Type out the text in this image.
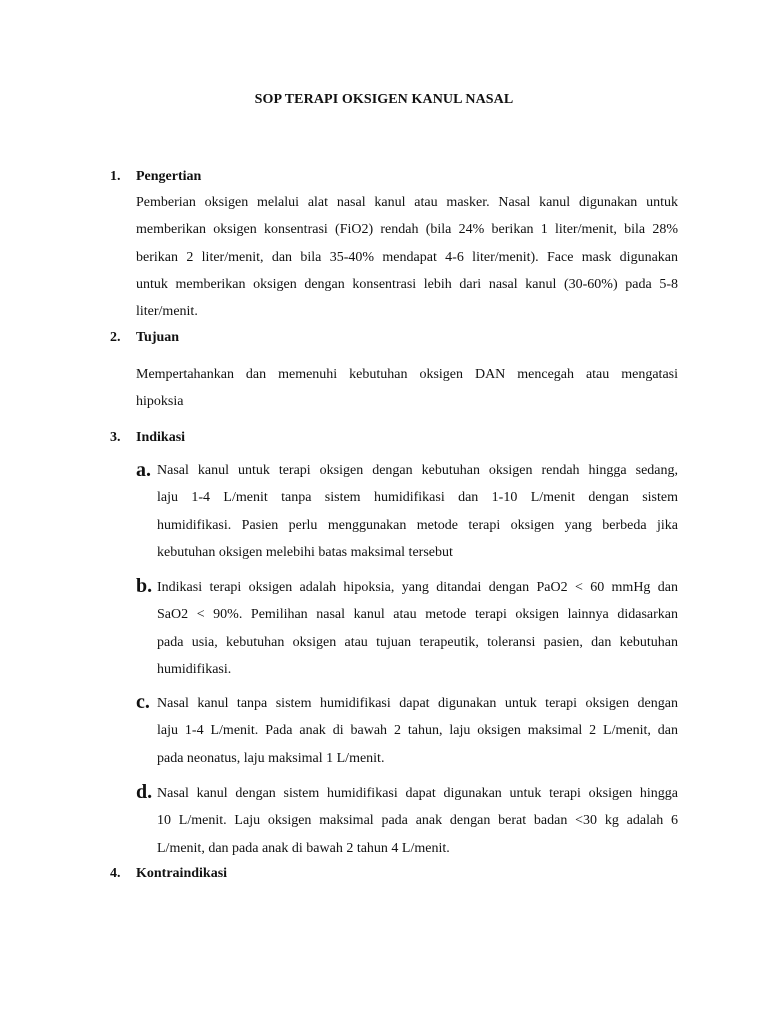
SOP TERAPI OKSIGEN KANUL NASAL
1. Pengertian
Pemberian oksigen melalui alat nasal kanul atau masker. Nasal kanul digunakan untuk
memberikan oksigen konsentrasi (FiO2) rendah (bila 24% berikan 1 liter/menit, bila 28%
berikan 2 liter/menit, dan bila 35-40% mendapat 4-6 liter/menit). Face mask digunakan
untuk memberikan oksigen dengan konsentrasi lebih dari nasal kanul (30-60%) pada 5-8
liter/menit.
2. Tujuan
Mempertahankan dan memenuhi kebutuhan oksigen DAN mencegah atau mengatasi
hipoksia
3. Indikasi
a. Nasal kanul untuk terapi oksigen dengan kebutuhan oksigen rendah hingga sedang,
laju 1-4 L/menit tanpa sistem humidifikasi dan 1-10 L/menit dengan sistem
humidifikasi. Pasien perlu menggunakan metode terapi oksigen yang berbeda jika
kebutuhan oksigen melebihi batas maksimal tersebut
b. Indikasi terapi oksigen adalah hipoksia, yang ditandai dengan PaO2 < 60 mmHg dan
SaO2 < 90%. Pemilihan nasal kanul atau metode terapi oksigen lainnya didasarkan
pada usia, kebutuhan oksigen atau tujuan terapeutik, toleransi pasien, dan kebutuhan
humidifikasi.
c. Nasal kanul tanpa sistem humidifikasi dapat digunakan untuk terapi oksigen dengan
laju 1-4 L/menit. Pada anak di bawah 2 tahun, laju oksigen maksimal 2 L/menit, dan
pada neonatus, laju maksimal 1 L/menit.
d. Nasal kanul dengan sistem humidifikasi dapat digunakan untuk terapi oksigen hingga
10 L/menit. Laju oksigen maksimal pada anak dengan berat badan <30 kg adalah 6
L/menit, dan pada anak di bawah 2 tahun 4 L/menit.
4. Kontraindikasi
